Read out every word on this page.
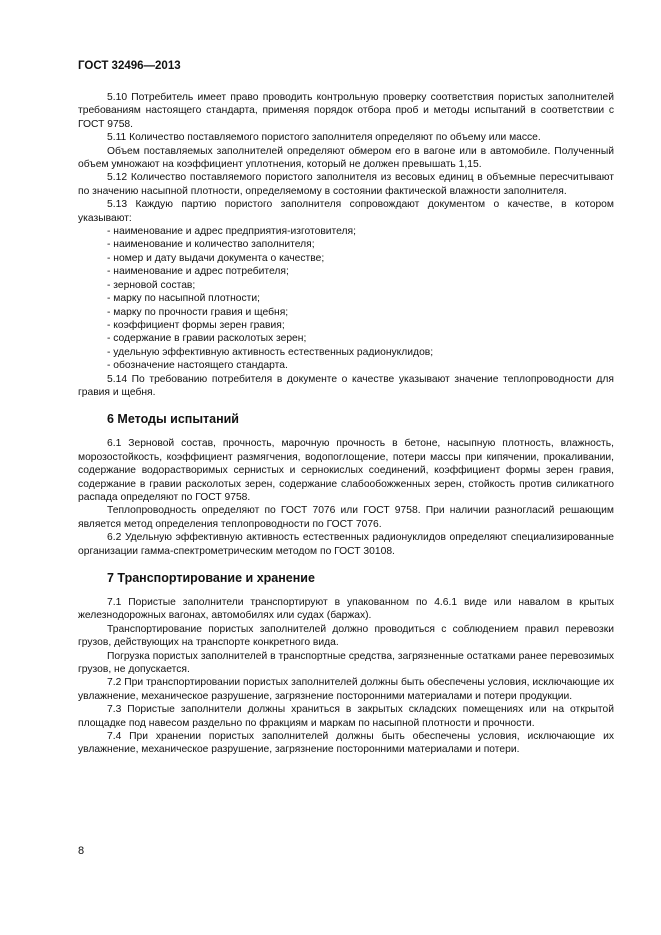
ГОСТ 32496—2013

5.10 Потребитель имеет право проводить контрольную проверку соответствия пористых заполнителей требованиям настоящего стандарта, применяя порядок отбора проб и методы испытаний в соответствии с ГОСТ 9758.

5.11 Количество поставляемого пористого заполнителя определяют по объему или массе.

Объем поставляемых заполнителей определяют обмером его в вагоне или в автомобиле. Полученный объем умножают на коэффициент уплотнения, который не должен превышать 1,15.

5.12 Количество поставляемого пористого заполнителя из весовых единиц в объемные пересчитывают по значению насыпной плотности, определяемому в состоянии фактической влажности заполнителя.

5.13 Каждую партию пористого заполнителя сопровождают документом о качестве, в котором указывают:

- наименование и адрес предприятия-изготовителя;
- наименование и количество заполнителя;
- номер и дату выдачи документа о качестве;
- наименование и адрес потребителя;
- зерновой состав;
- марку по насыпной плотности;
- марку по прочности гравия и щебня;
- коэффициент формы зерен гравия;
- содержание в гравии расколотых зерен;
- удельную эффективную активность естественных радионуклидов;
- обозначение настоящего стандарта.

5.14 По требованию потребителя в документе о качестве указывают значение теплопроводности для гравия и щебня.

6 Методы испытаний

6.1 Зерновой состав, прочность, марочную прочность в бетоне, насыпную плотность, влажность, морозостойкость, коэффициент размягчения, водопоглощение, потери массы при кипячении, прокаливании, содержание водорастворимых сернистых и сернокислых соединений, коэффициент формы зерен гравия, содержание в гравии расколотых зерен, содержание слабообожженных зерен, стойкость против силикатного распада определяют по ГОСТ 9758.

Теплопроводность определяют по ГОСТ 7076 или ГОСТ 9758. При наличии разногласий решающим является метод определения теплопроводности по ГОСТ 7076.

6.2 Удельную эффективную активность естественных радионуклидов определяют специализированные организации гамма-спектрометрическим методом по ГОСТ 30108.

7 Транспортирование и хранение

7.1 Пористые заполнители транспортируют в упакованном по 4.6.1 виде или навалом в крытых железнодорожных вагонах, автомобилях или судах (баржах).

Транспортирование пористых заполнителей должно проводиться с соблюдением правил перевозки грузов, действующих на транспорте конкретного вида.

Погрузка пористых заполнителей в транспортные средства, загрязненные остатками ранее перевозимых грузов, не допускается.

7.2 При транспортировании пористых заполнителей должны быть обеспечены условия, исключающие их увлажнение, механическое разрушение, загрязнение посторонними материалами и потери продукции.

7.3 Пористые заполнители должны храниться в закрытых складских помещениях или на открытой площадке под навесом раздельно по фракциям и маркам по насыпной плотности и прочности.

7.4 При хранении пористых заполнителей должны быть обеспечены условия, исключающие их увлажнение, механическое разрушение, загрязнение посторонними материалами и потери.

8
